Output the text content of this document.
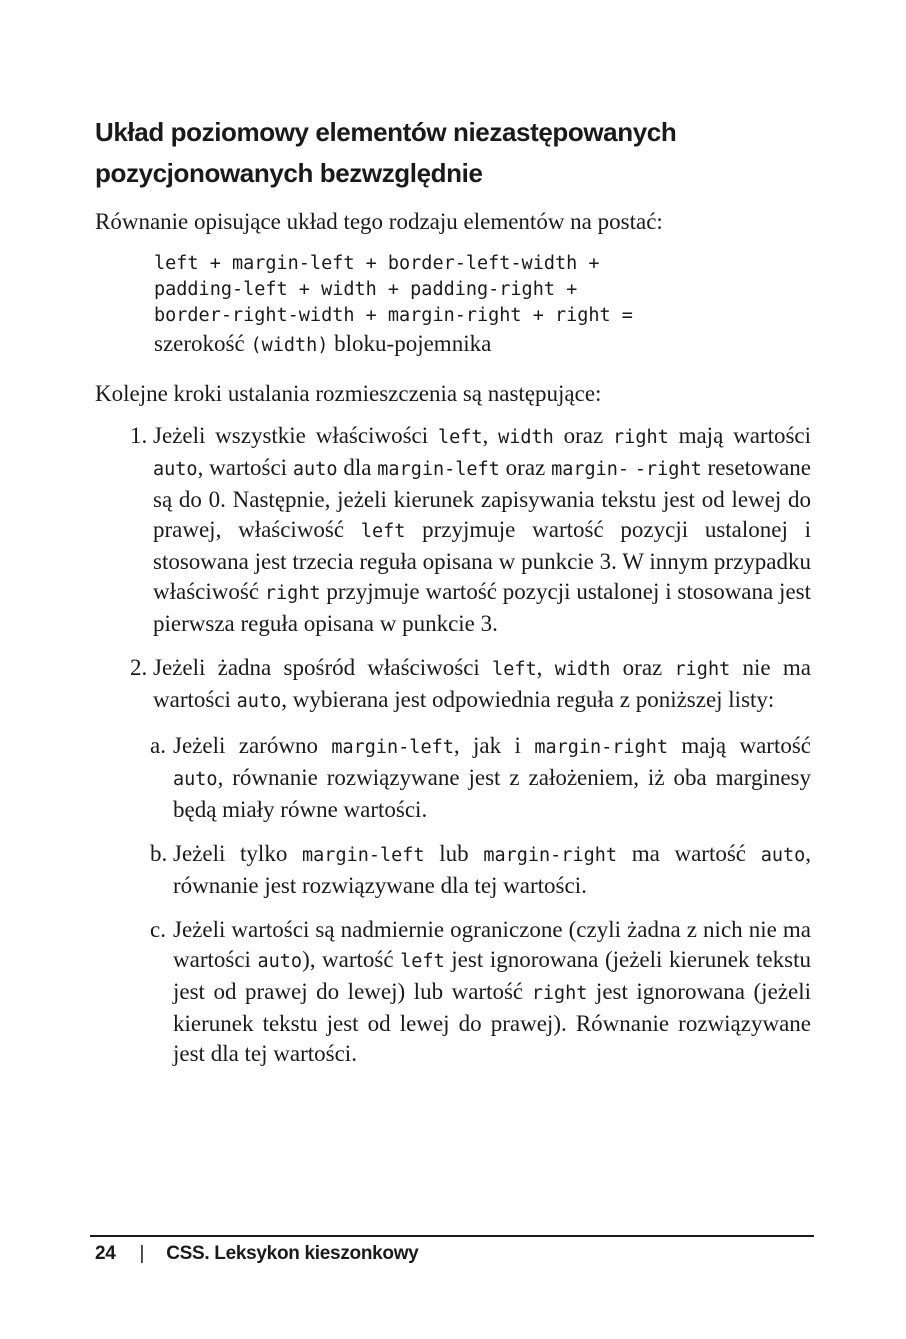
Układ poziomowy elementów niezastępowanych
pozycjonowanych bezwzględnie

Równanie opisujące układ tego rodzaju elementów na postać:

left + margin-left + border-left-width +
padding-left + width + padding-right +
border-right-width + margin-right + right =

szerokość (width) bloku-pojemnika

Kolejne kroki ustalania rozmieszczenia są następujące:

1. Jeżeli wszystkie właściwości left, width oraz right mają wartości auto, wartości auto dla margin-left oraz margin- -right resetowane są do 0. Następnie, jeżeli kierunek zapisywania tekstu jest od lewej do prawej, właściwość left przyjmuje wartość pozycji ustalonej i stosowana jest trzecia reguła opisana w punkcie 3. W innym przypadku właściwość right przyjmuje wartość pozycji ustalonej i stosowana jest pierwsza reguła opisana w punkcie 3.
2. Jeżeli żadna spośród właściwości left, width oraz right nie ma wartości auto, wybierana jest odpowiednia reguła z poniższej listy:
a. Jeżeli zarówno margin-left, jak i margin-right mają wartość auto, równanie rozwiązywane jest z założeniem, iż oba marginesy będą miały równe wartości.
b. Jeżeli tylko margin-left lub margin-right ma wartość auto, równanie jest rozwiązywane dla tej wartości.
c. Jeżeli wartości są nadmiernie ograniczone (czyli żadna z nich nie ma wartości auto), wartość left jest ignorowana (jeżeli kierunek tekstu jest od prawej do lewej) lub wartość right jest ignorowana (jeżeli kierunek tekstu jest od lewej do prawej). Równanie rozwiązywane jest dla tej wartości.
24 | CSS. Leksykon kieszonkowy
